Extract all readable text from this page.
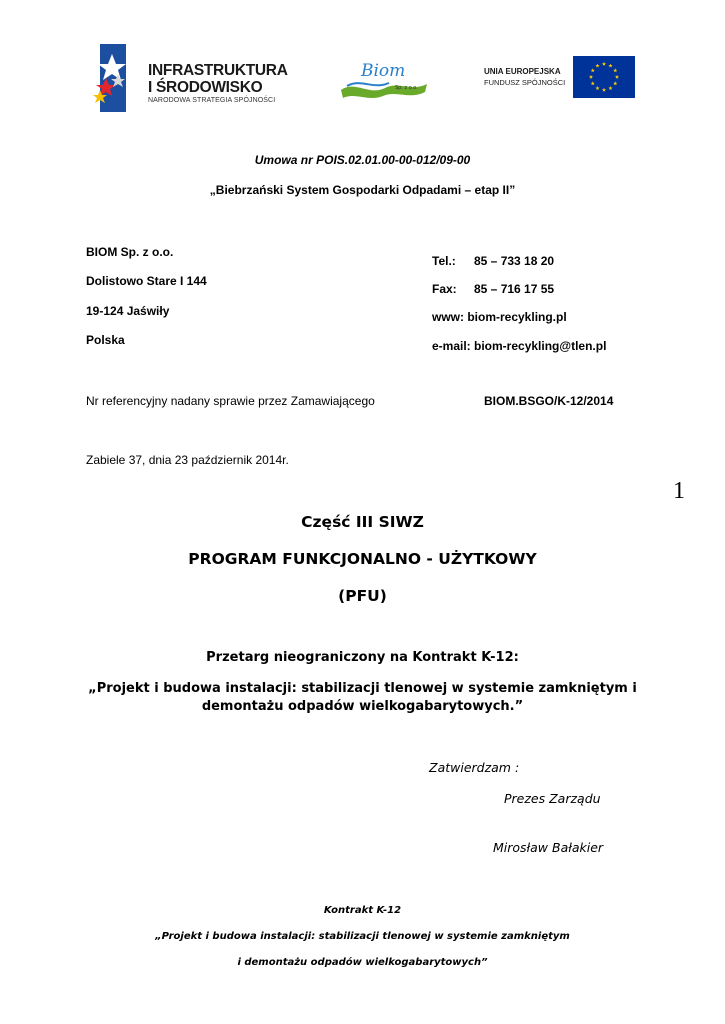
INFRASTRUKTURA
I ŚRODOWISKO
NARODOWA STRATEGIA SPÓJNOŚCI
Biom
Sp. z o.o.
UNIA EUROPEJSKA
FUNDUSZ SPÓJNOŚCI
Umowa nr POIS.02.01.00-00-012/09-00
„Biebrzański System Gospodarki Odpadami – etap II”
BIOM Sp. z o.o.
Dolistowo Stare I 144
19-124 Jaświły
Polska
Tel.: 85 – 733 18 20
Fax: 85 – 716 17 55
www: biom-recykling.pl
e-mail: biom-recykling@tlen.pl
Nr referencyjny nadany sprawie przez Zamawiającego	BIOM.BSGO/K-12/2014
Zabiele 37, dnia 23 październik 2014r.
1
Część III SIWZ
PROGRAM FUNKCJONALNO - UŻYTKOWY
(PFU)
Przetarg nieograniczony na Kontrakt K-12:
„Projekt i budowa instalacji: stabilizacji tlenowej w systemie zamkniętym i
demontażu odpadów wielkogabarytowych.”
Zatwierdzam :
Prezes Zarządu
Mirosław Bałakier
Kontrakt K-12
„Projekt i budowa instalacji: stabilizacji tlenowej w systemie zamkniętym
i demontażu odpadów wielkogabarytowych”
